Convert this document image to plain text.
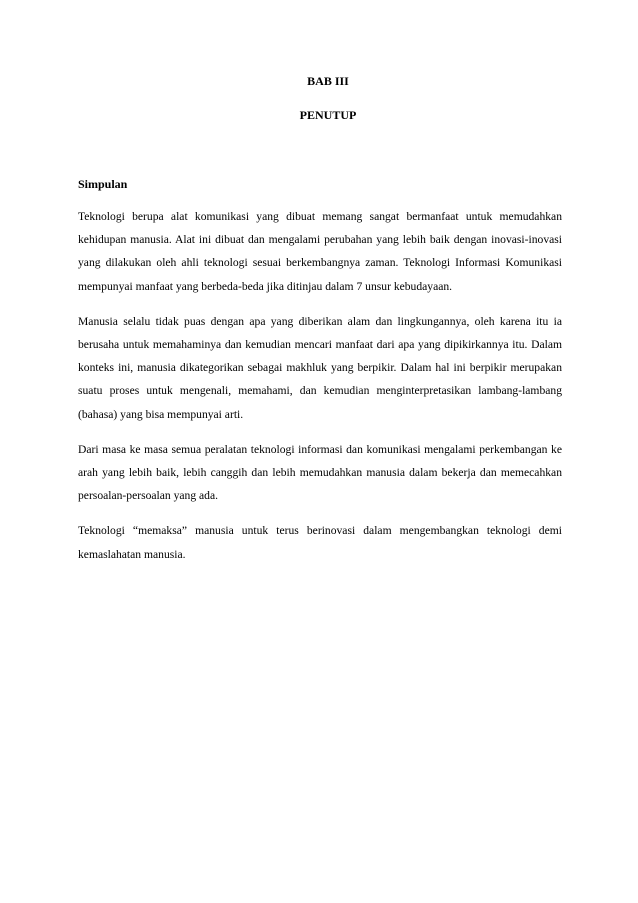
BAB III
PENUTUP
Simpulan

Teknologi berupa alat komunikasi yang dibuat memang sangat bermanfaat untuk memudahkan kehidupan manusia. Alat ini dibuat dan mengalami perubahan yang lebih baik dengan inovasi-inovasi yang dilakukan oleh ahli teknologi sesuai berkembangnya zaman. Teknologi Informasi Komunikasi mempunyai manfaat yang berbeda-beda jika ditinjau dalam 7 unsur kebudayaan.

Manusia selalu tidak puas dengan apa yang diberikan alam dan lingkungannya, oleh karena itu ia berusaha untuk memahaminya dan kemudian mencari manfaat dari apa yang dipikirkannya itu. Dalam konteks ini, manusia dikategorikan sebagai makhluk yang berpikir. Dalam hal ini berpikir merupakan suatu proses untuk mengenali, memahami, dan kemudian menginterpretasikan lambang-lambang (bahasa) yang bisa mempunyai arti.

Dari masa ke masa semua peralatan teknologi informasi dan komunikasi mengalami perkembangan ke arah yang lebih baik, lebih canggih dan lebih memudahkan manusia dalam bekerja dan memecahkan persoalan-persoalan yang ada.

Teknologi “memaksa” manusia untuk terus berinovasi dalam mengembangkan teknologi demi kemaslahatan manusia.
